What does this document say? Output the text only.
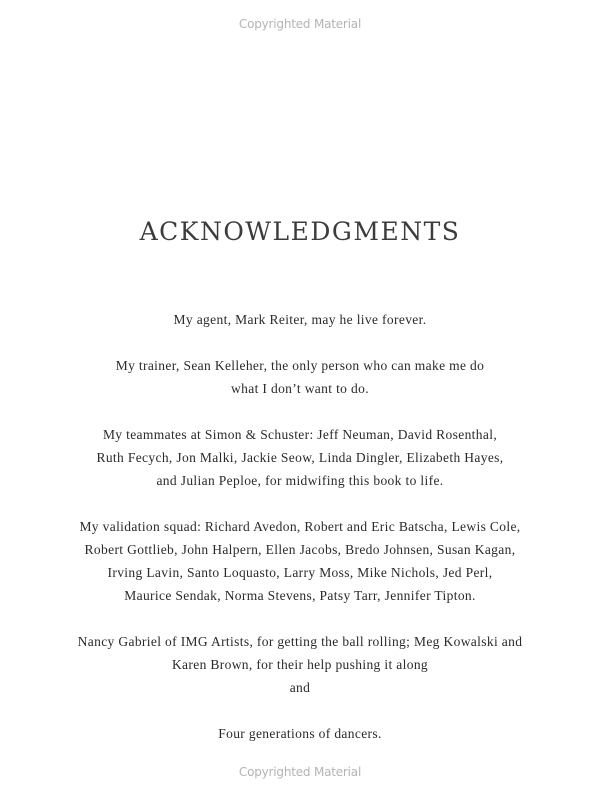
Copyrighted Material
ACKNOWLEDGMENTS
My agent, Mark Reiter, may he live forever.
My trainer, Sean Kelleher, the only person who can make me do
what I don’t want to do.
My teammates at Simon & Schuster: Jeff Neuman, David Rosenthal,
Ruth Fecych, Jon Malki, Jackie Seow, Linda Dingler, Elizabeth Hayes,
and Julian Peploe, for midwifing this book to life.
My validation squad: Richard Avedon, Robert and Eric Batscha, Lewis Cole,
Robert Gottlieb, John Halpern, Ellen Jacobs, Bredo Johnsen, Susan Kagan,
Irving Lavin, Santo Loquasto, Larry Moss, Mike Nichols, Jed Perl,
Maurice Sendak, Norma Stevens, Patsy Tarr, Jennifer Tipton.
Nancy Gabriel of IMG Artists, for getting the ball rolling; Meg Kowalski and
Karen Brown, for their help pushing it along
and
Four generations of dancers.
Copyrighted Material
